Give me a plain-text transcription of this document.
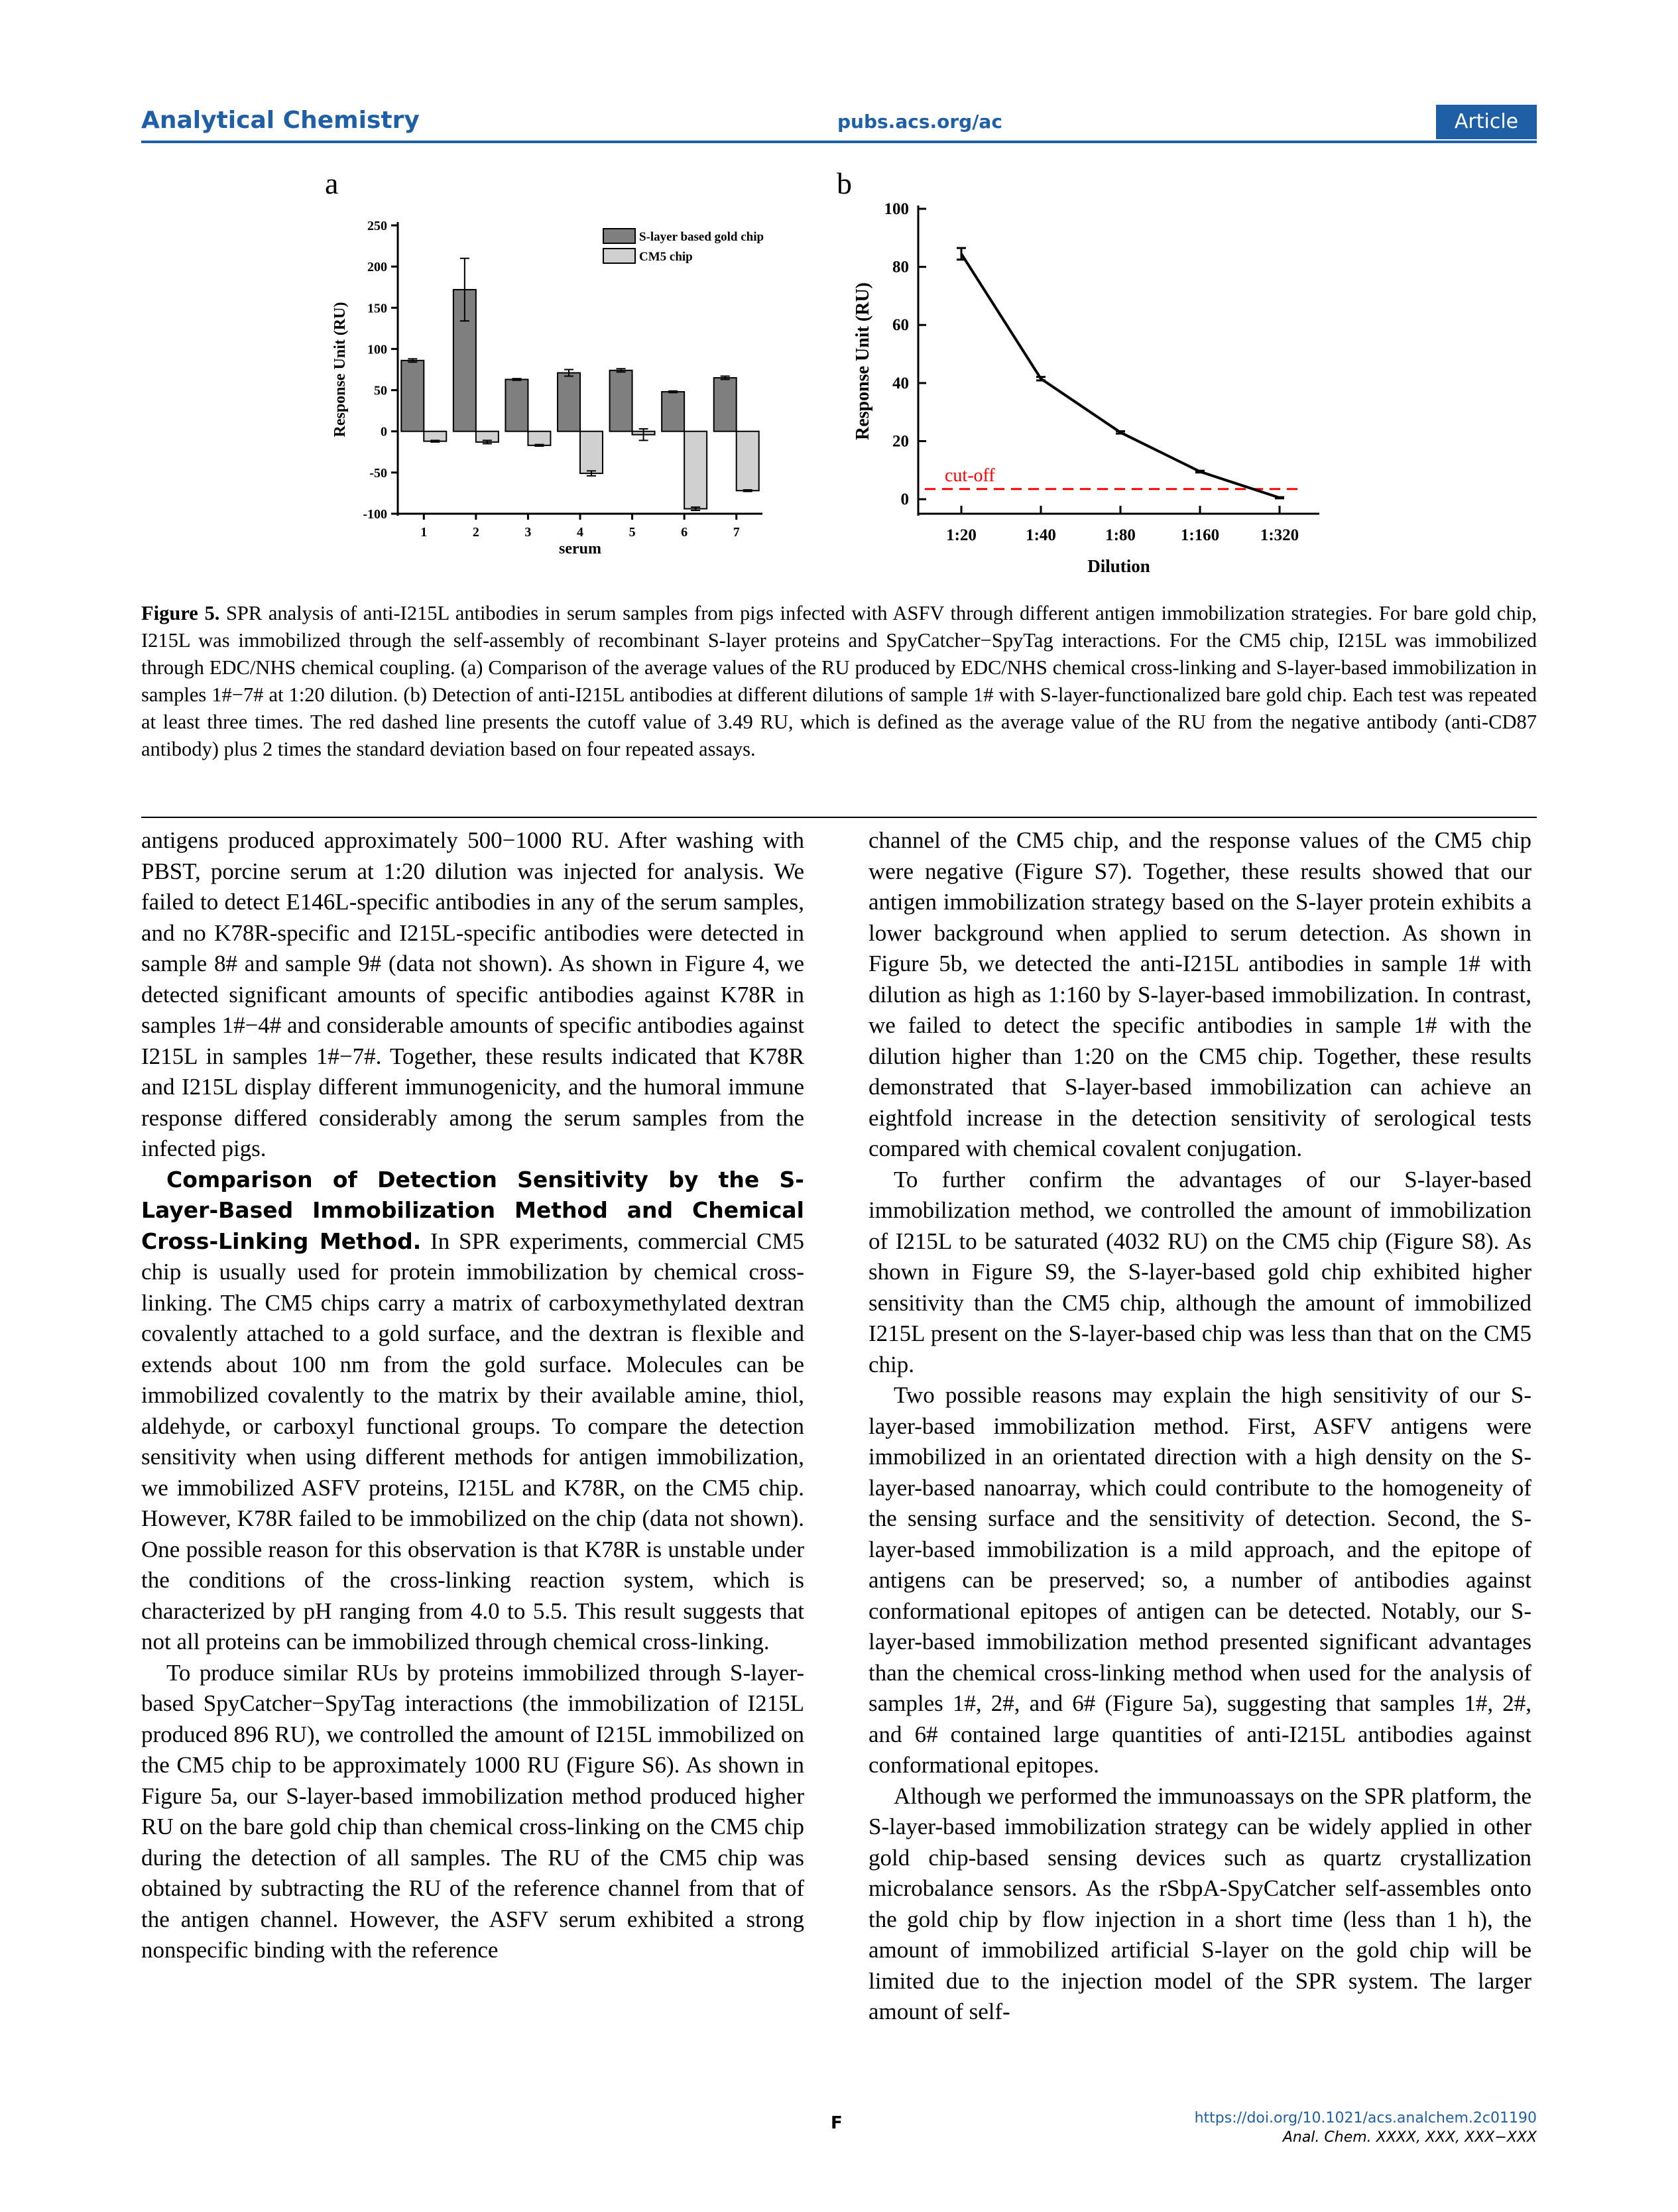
Analytical Chemistry	pubs.acs.org/ac	Article
a	b
250
200
150
100
50
0
-50
-100
1	2	3	4	5	6	7
serum
Response Unit (RU)
S-layer based gold chip
CM5 chip
100
80
60
40
20
0
cut-off
1:20	1:40	1:80	1:160 1:320
Dilution
Response Unit (RU)
Figure 5. SPR analysis of anti-I215L antibodies in serum samples from pigs infected with ASFV through different antigen immobilization strategies. For bare gold chip, I215L was immobilized through the self-assembly of recombinant S-layer proteins and SpyCatcher−SpyTag interactions. For the CM5 chip, I215L was immobilized through EDC/NHS chemical coupling. (a) Comparison of the average values of the RU produced by EDC/NHS chemical cross-linking and S-layer-based immobilization in samples 1#−7# at 1:20 dilution. (b) Detection of anti-I215L antibodies at different dilutions of sample 1# with S-layer-functionalized bare gold chip. Each test was repeated at least three times. The red dashed line presents the cutoff value of 3.49 RU, which is defined as the average value of the RU from the negative antibody (anti-CD87 antibody) plus 2 times the standard deviation based on four repeated assays.

antigens produced approximately 500−1000 RU. After washing with PBST, porcine serum at 1:20 dilution was injected for analysis. We failed to detect E146L-specific antibodies in any of the serum samples, and no K78R-specific and I215L-specific antibodies were detected in sample 8# and sample 9# (data not shown). As shown in Figure 4, we detected significant amounts of specific antibodies against K78R in samples 1#−4# and considerable amounts of specific antibodies against I215L in samples 1#−7#. Together, these results indicated that K78R and I215L display different immunogenicity, and the humoral immune response differed considerably among the serum samples from the infected pigs.

Comparison of Detection Sensitivity by the S-Layer-Based Immobilization Method and Chemical Cross-Linking Method. In SPR experiments, commercial CM5 chip is usually used for protein immobilization by chemical cross-linking. The CM5 chips carry a matrix of carboxymethylated dextran covalently attached to a gold surface, and the dextran is flexible and extends about 100 nm from the gold surface. Molecules can be immobilized covalently to the matrix by their available amine, thiol, aldehyde, or carboxyl functional groups. To compare the detection sensitivity when using different methods for antigen immobilization, we immobilized ASFV proteins, I215L and K78R, on the CM5 chip. However, K78R failed to be immobilized on the chip (data not shown). One possible reason for this observation is that K78R is unstable under the conditions of the cross-linking reaction system, which is characterized by pH ranging from 4.0 to 5.5. This result suggests that not all proteins can be immobilized through chemical cross-linking.

To produce similar RUs by proteins immobilized through S-layer-based SpyCatcher−SpyTag interactions (the immobilization of I215L produced 896 RU), we controlled the amount of I215L immobilized on the CM5 chip to be approximately 1000 RU (Figure S6). As shown in Figure 5a, our S-layer-based immobilization method produced higher RU on the bare gold chip than chemical cross-linking on the CM5 chip during the detection of all samples. The RU of the CM5 chip was obtained by subtracting the RU of the reference channel from that of the antigen channel. However, the ASFV serum exhibited a strong nonspecific binding with the reference

channel of the CM5 chip, and the response values of the CM5 chip were negative (Figure S7). Together, these results showed that our antigen immobilization strategy based on the S-layer protein exhibits a lower background when applied to serum detection. As shown in Figure 5b, we detected the anti-I215L antibodies in sample 1# with dilution as high as 1:160 by S-layer-based immobilization. In contrast, we failed to detect the specific antibodies in sample 1# with the dilution higher than 1:20 on the CM5 chip. Together, these results demonstrated that S-layer-based immobilization can achieve an eightfold increase in the detection sensitivity of serological tests compared with chemical covalent conjugation.

To further confirm the advantages of our S-layer-based immobilization method, we controlled the amount of immobilization of I215L to be saturated (4032 RU) on the CM5 chip (Figure S8). As shown in Figure S9, the S-layer-based gold chip exhibited higher sensitivity than the CM5 chip, although the amount of immobilized I215L present on the S-layer-based chip was less than that on the CM5 chip.

Two possible reasons may explain the high sensitivity of our S-layer-based immobilization method. First, ASFV antigens were immobilized in an orientated direction with a high density on the S-layer-based nanoarray, which could contribute to the homogeneity of the sensing surface and the sensitivity of detection. Second, the S-layer-based immobilization is a mild approach, and the epitope of antigens can be preserved; so, a number of antibodies against conformational epitopes of antigen can be detected. Notably, our S-layer-based immobilization method presented significant advantages than the chemical cross-linking method when used for the analysis of samples 1#, 2#, and 6# (Figure 5a), suggesting that samples 1#, 2#, and 6# contained large quantities of anti-I215L antibodies against conformational epitopes.

Although we performed the immunoassays on the SPR platform, the S-layer-based immobilization strategy can be widely applied in other gold chip-based sensing devices such as quartz crystallization microbalance sensors. As the rSbpA-SpyCatcher self-assembles onto the gold chip by flow injection in a short time (less than 1 h), the amount of immobilized artificial S-layer on the gold chip will be limited due to the injection model of the SPR system. The larger amount of self-

F	https://doi.org/10.1021/acs.analchem.2c01190
Anal. Chem. XXXX, XXX, XXX−XXX
